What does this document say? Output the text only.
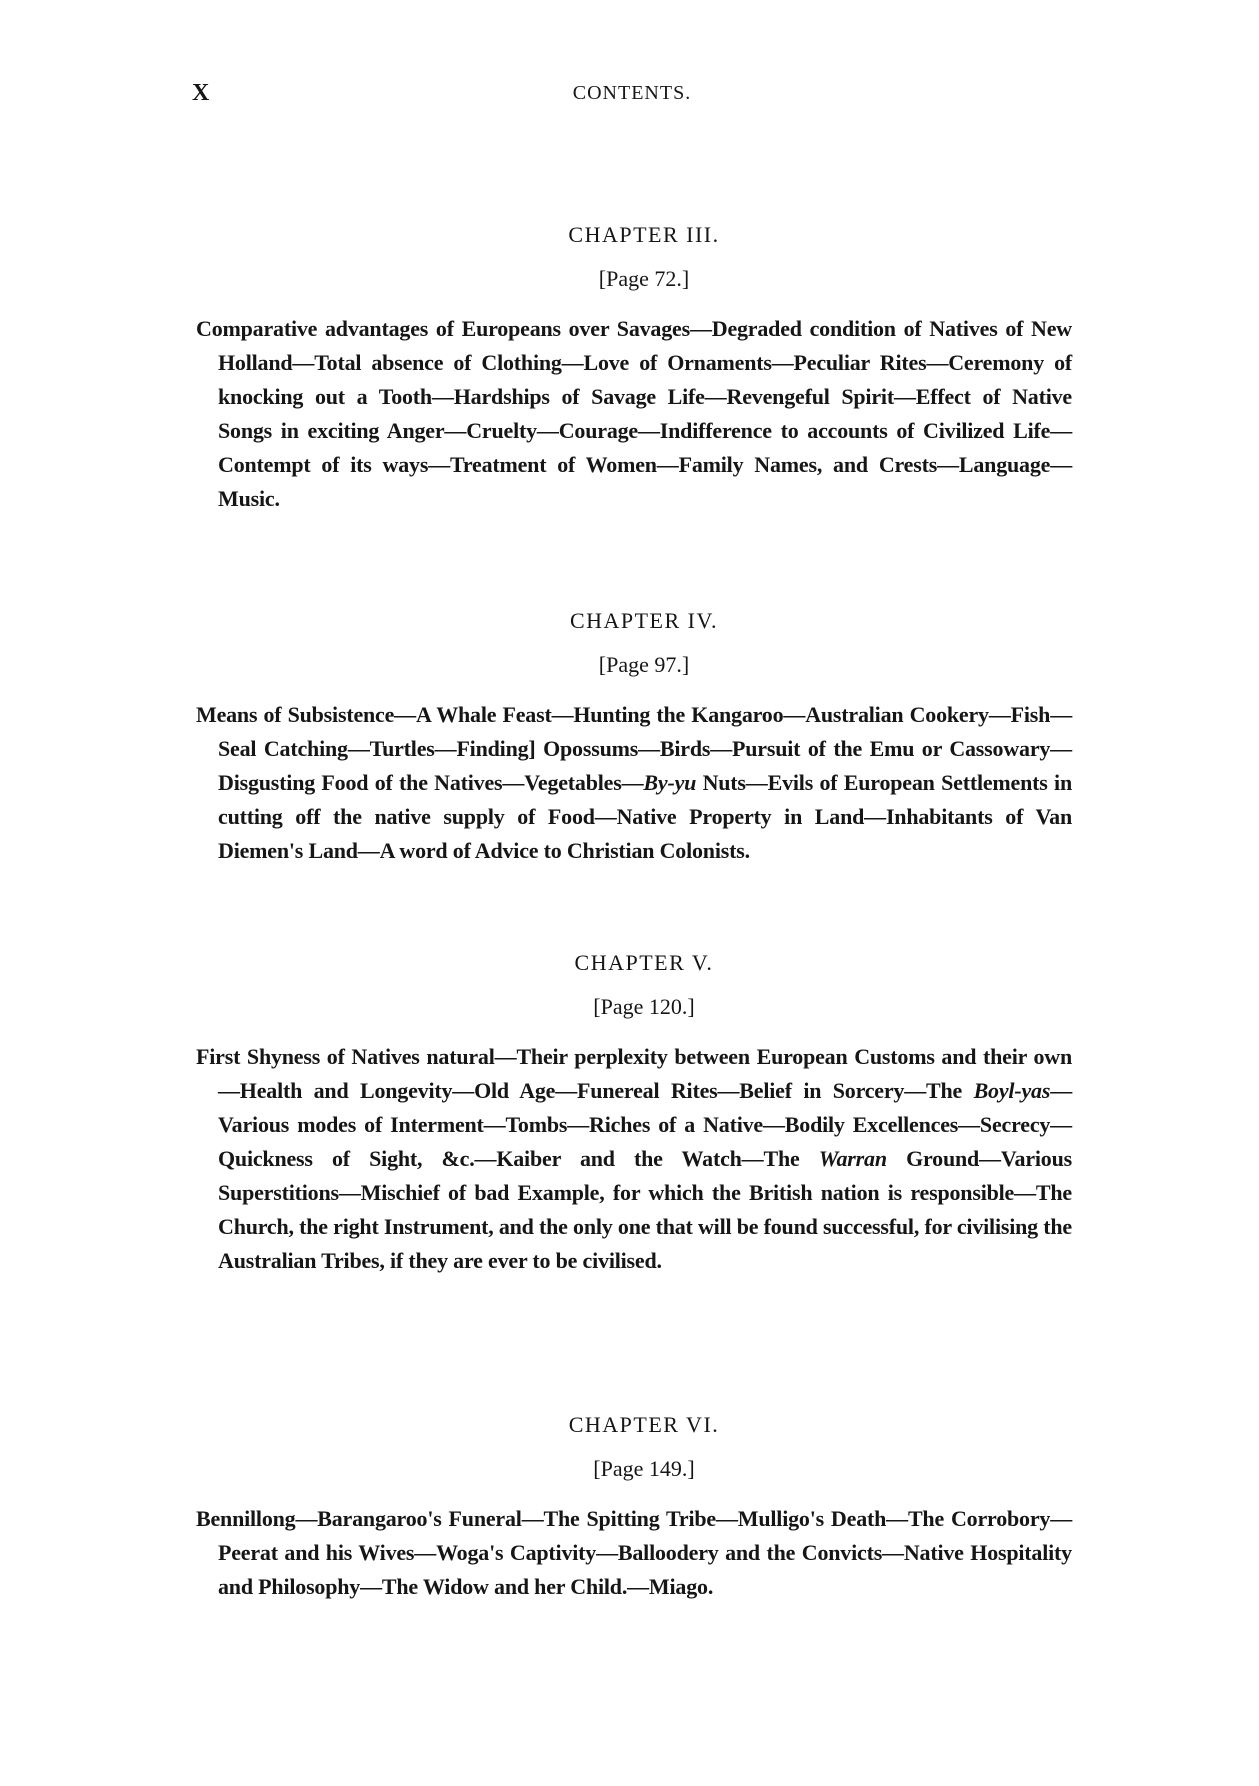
X	CONTENTS.
CHAPTER III.
[Page 72.]

Comparative advantages of Europeans over Savages—Degraded condition of Natives of New Holland—Total absence of Clothing—Love of Ornaments—Peculiar Rites—Ceremony of knocking out a Tooth—Hardships of Savage Life—Revengeful Spirit—Effect of Native Songs in exciting Anger—Cruelty—Courage—Indifference to accounts of Civilized Life—Contempt of its ways—Treatment of Women—Family Names, and Crests—Language—Music.

CHAPTER IV.
[Page 97.]

Means of Subsistence—A Whale Feast—Hunting the Kangaroo—Australian Cookery—Fish—Seal Catching—Turtles—Finding] Opossums—Birds—Pursuit of the Emu or Cassowary—Disgusting Food of the Natives—Vegetables—By-yu Nuts—Evils of European Settlements in cutting off the native supply of Food—Native Property in Land—Inhabitants of Van Diemen's Land—A word of Advice to Christian Colonists.

CHAPTER V.
[Page 120.]

First Shyness of Natives natural—Their perplexity between European Customs and their own—Health and Longevity—Old Age—Funereal Rites—Belief in Sorcery—The Boyl-yas—Various modes of Interment—Tombs—Riches of a Native—Bodily Excellences—Secrecy—Quickness of Sight, &c.—Kaiber and the Watch—The Warran Ground—Various Superstitions—Mischief of bad Example, for which the British nation is responsible—The Church, the right Instrument, and the only one that will be found successful, for civilising the Australian Tribes, if they are ever to be civilised.

CHAPTER VI.
[Page 149.]

Bennillong—Barangaroo's Funeral—The Spitting Tribe—Mulligo's Death—The Corrobory—Peerat and his Wives—Woga's Captivity—Balloodery and the Convicts—Native Hospitality and Philosophy—The Widow and her Child.—Miago.
